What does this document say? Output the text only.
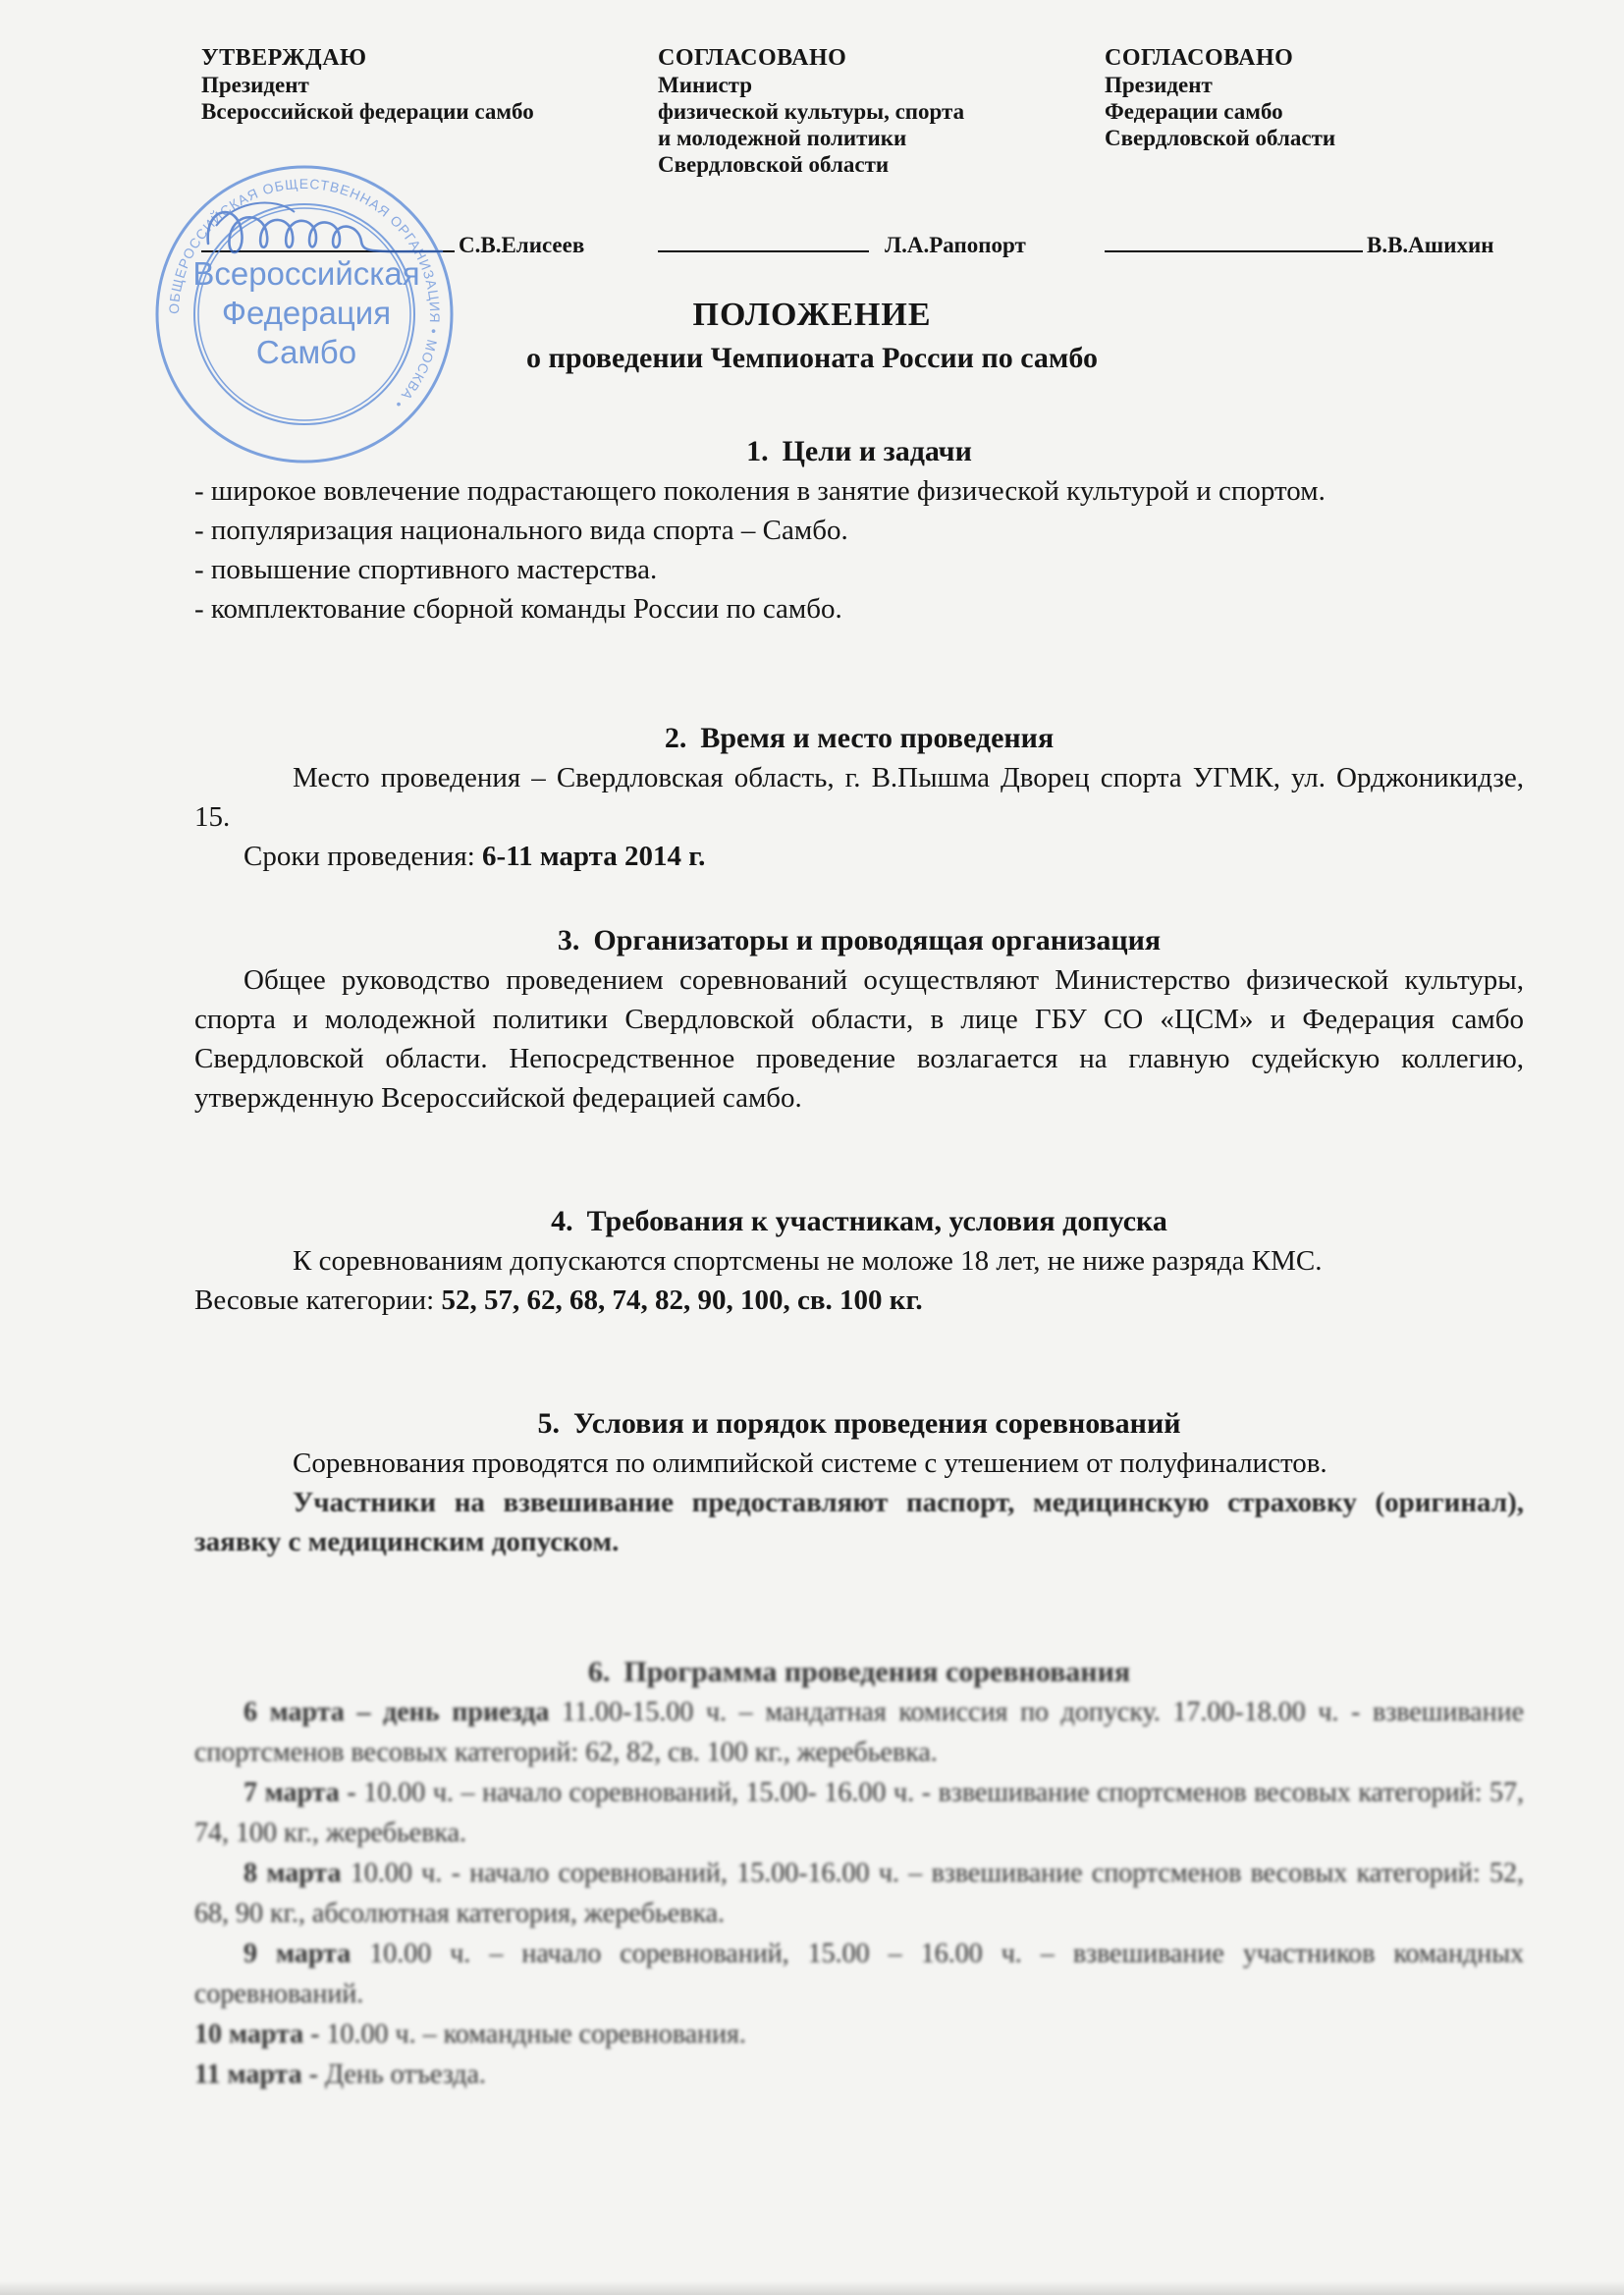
УТВЕРЖДАЮ
Президент
Всероссийской федерации самбо
СОГЛАСОВАНО
Министр
физической культуры, спорта
и молодежной политики
Свердловской области
СОГЛАСОВАНО
Президент
Федерации самбо
Свердловской области
С.В.Елисеев	Л.А.Рапопорт	В.В.Ашихин
ОБЩЕРОССИЙСКАЯ ОБЩЕСТВЕННАЯ ОРГАНИЗАЦИЯ • МОСКВА •
Всероссийская
Федерация
Самбо
ПОЛОЖЕНИЕ
о проведении Чемпионата России по самбо

1. Цели и задачи

- широкое вовлечение подрастающего поколения в занятие физической культурой и спортом.

- популяризация национального вида спорта – Самбо.

- повышение спортивного мастерства.

- комплектование сборной команды России по самбо.

2. Время и место проведения

Место проведения – Свердловская область, г. В.Пышма Дворец спорта УГМК, ул. Орджоникидзе, 15.

Сроки проведения: 6-11 марта 2014 г.

3. Организаторы и проводящая организация

Общее руководство проведением соревнований осуществляют Министерство физической культуры, спорта и молодежной политики Свердловской области, в лице ГБУ СО «ЦСМ» и Федерация самбо Свердловской области. Непосредственное проведение возлагается на главную судейскую коллегию, утвержденную Всероссийской федерацией самбо.

4. Требования к участникам, условия допуска

К соревнованиям допускаются спортсмены не моложе 18 лет, не ниже разряда КМС.

Весовые категории: 52, 57, 62, 68, 74, 82, 90, 100, св. 100 кг.

5. Условия и порядок проведения соревнований

Соревнования проводятся по олимпийской системе с утешением от полуфиналистов.

Участники на взвешивание предоставляют паспорт, медицинскую страховку (оригинал), заявку с медицинским допуском.

6. Программа проведения соревнования

6 марта – день приезда 11.00-15.00 ч. – мандатная комиссия по допуску. 17.00-18.00 ч. - взвешивание спортсменов весовых категорий: 62, 82, св. 100 кг., жеребьевка.

7 марта - 10.00 ч. – начало соревнований, 15.00- 16.00 ч. - взвешивание спортсменов весовых категорий: 57, 74, 100 кг., жеребьевка.

8 марта 10.00 ч. - начало соревнований, 15.00-16.00 ч. – взвешивание спортсменов весовых категорий: 52, 68, 90 кг., абсолютная категория, жеребьевка.

9 марта 10.00 ч. – начало соревнований, 15.00 – 16.00 ч. – взвешивание участников командных соревнований.

10 марта - 10.00 ч. – командные соревнования.

11 марта - День отъезда.
